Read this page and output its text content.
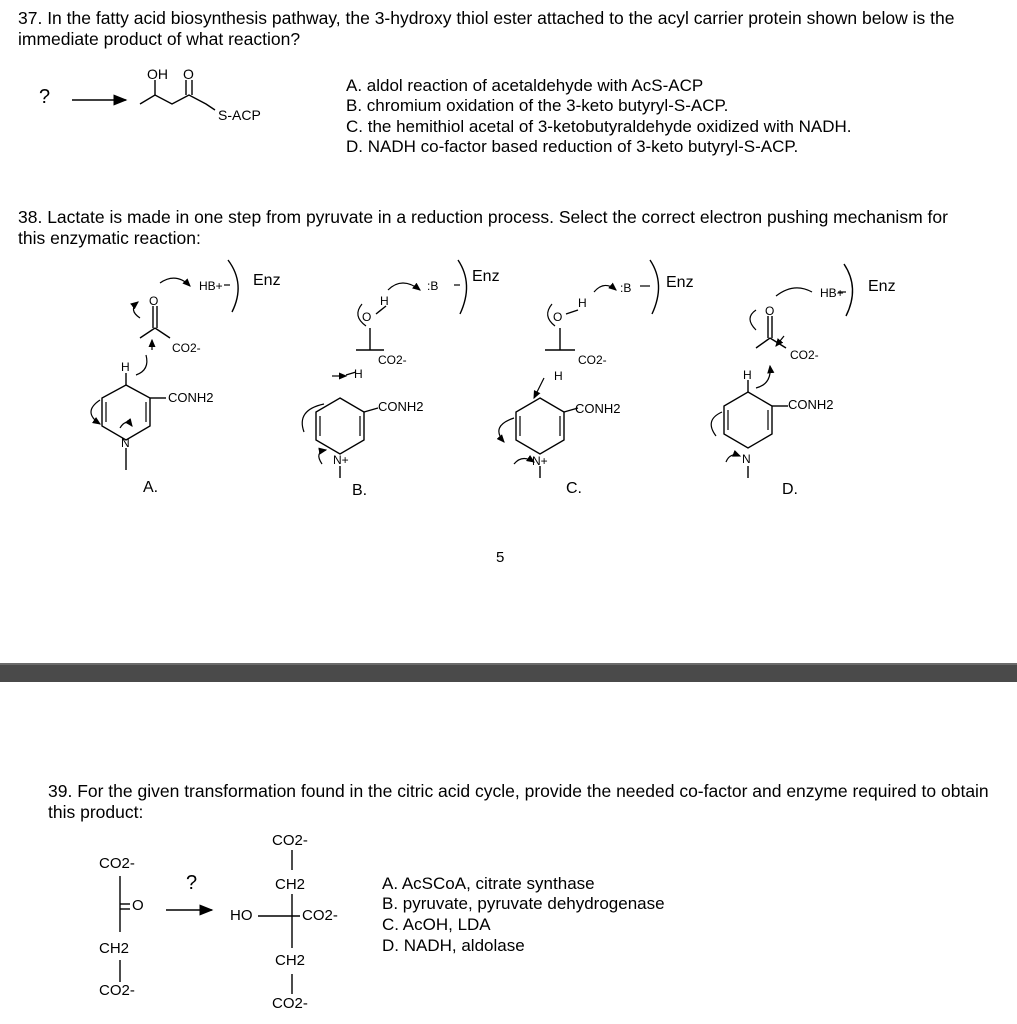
37. In the fatty acid biosynthesis pathway, the 3-hydroxy thiol ester attached to the acyl carrier protein shown below is the immediate product of what reaction?
?
OH O
S-ACP
A. aldol reaction of acetaldehyde with AcS-ACP
B. chromium oxidation of the 3-keto butyryl-S-ACP.
C. the hemithiol acetal of 3-ketobutyraldehyde oxidized with NADH.
D. NADH co-factor based reduction of 3-keto butyryl-S-ACP.
38. Lactate is made in one step from pyruvate in a reduction process. Select the correct electron pushing mechanism for this enzymatic reaction:
HB+ Enz
O
CO2-
H
CONH2
N
A.
:B
Enz
H
O
CO2-
H
CONH2
N+
B.
:B Enz
H
O
CO2-
H
CONH2
N+
C.
HB+ Enz
O
CO2-
H
CONH2
N
D.
5
39. For the given transformation found in the citric acid cycle, provide the needed co-factor and enzyme required to obtain this product:
CO2-
O
CH2
CO2-
?
CO2-
CH2
HO	CO2-
CH2
CO2-
A. AcSCoA, citrate synthase
B. pyruvate, pyruvate dehydrogenase
C. AcOH, LDA
D. NADH, aldolase
